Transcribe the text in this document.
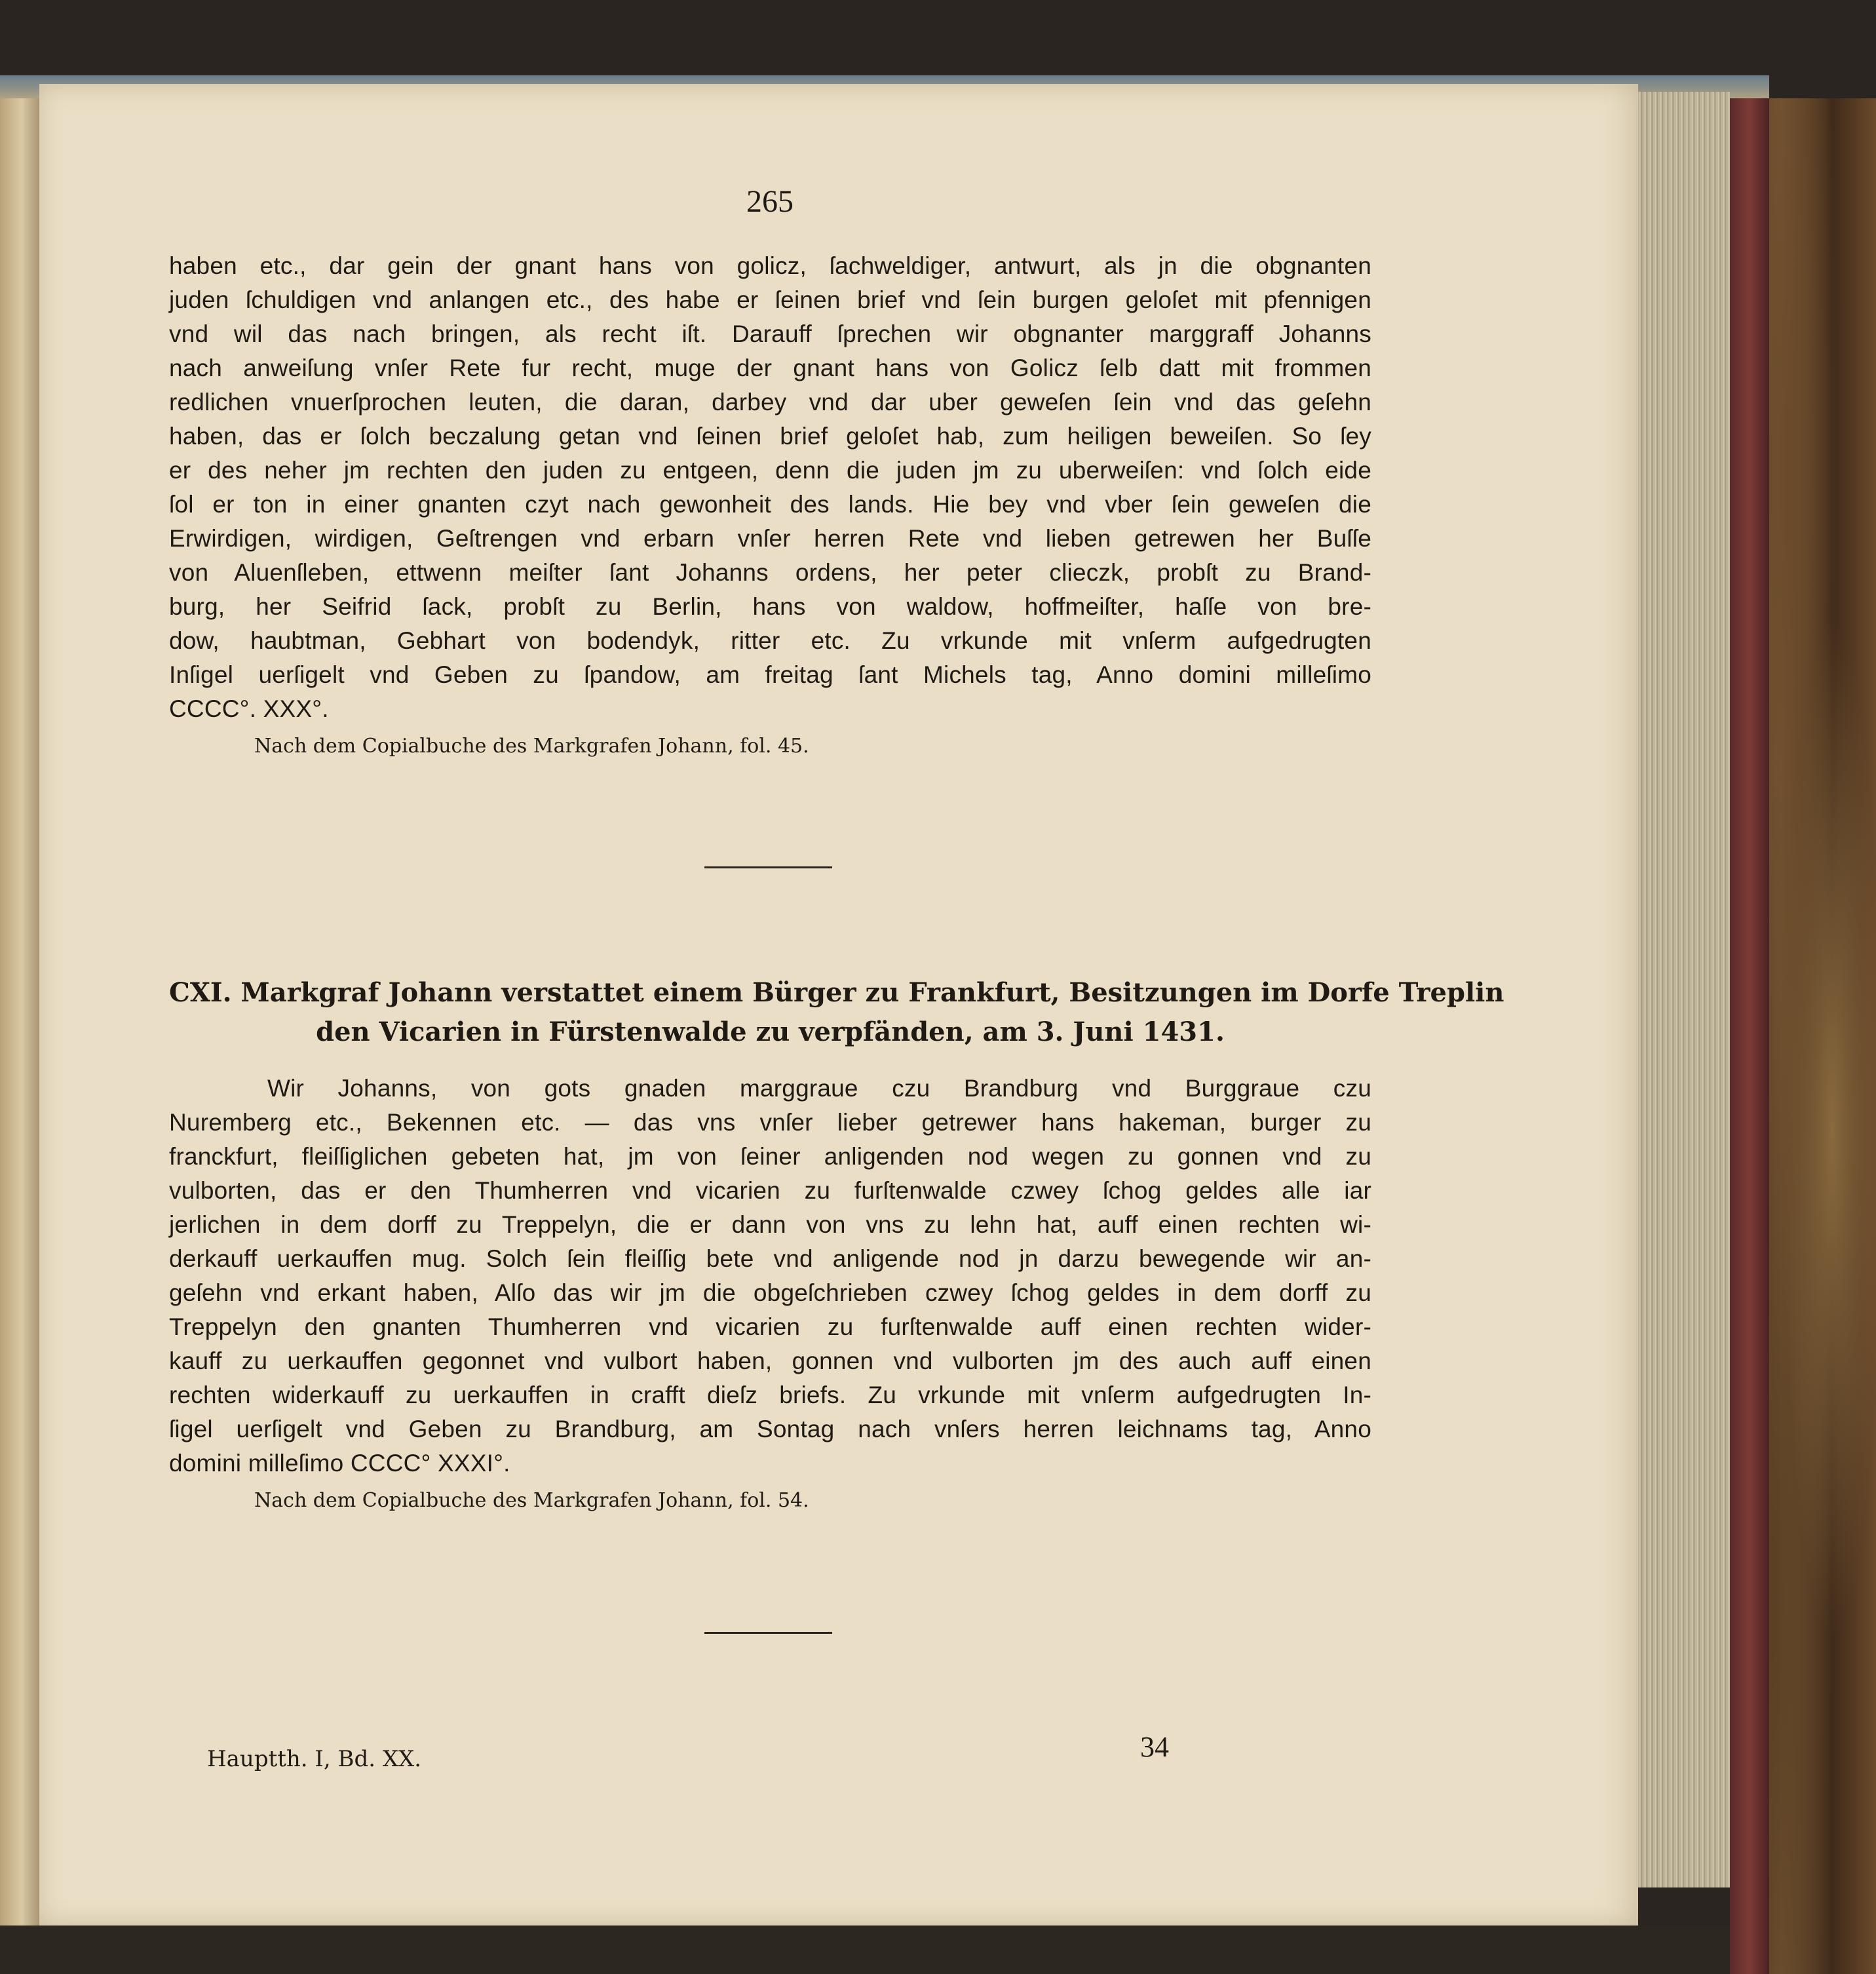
265
haben etc., dar gein der gnant hans von golicz, ſachweldiger, antwurt, als jn die obgnanten
juden ſchuldigen vnd anlangen etc., des habe er ſeinen brief vnd ſein burgen geloſet mit pfennigen
vnd wil das nach bringen, als recht iſt. Darauff ſprechen wir obgnanter marggraff Johanns
nach anweiſung vnſer Rete fur recht, muge der gnant hans von Golicz ſelb datt mit frommen
redlichen vnuerſprochen leuten, die daran, darbey vnd dar uber geweſen ſein vnd das geſehn
haben, das er ſolch beczalung getan vnd ſeinen brief geloſet hab, zum heiligen beweiſen. So ſey
er des neher jm rechten den juden zu entgeen, denn die juden jm zu uberweiſen: vnd ſolch eide
ſol er ton in einer gnanten czyt nach gewonheit des lands. Hie bey vnd vber ſein geweſen die
Erwirdigen, wirdigen, Geſtrengen vnd erbarn vnſer herren Rete vnd lieben getrewen her Buſſe
von Aluenſleben, ettwenn meiſter ſant Johanns ordens, her peter clieczk, probſt zu Brand-
burg, her Seifrid ſack, probſt zu Berlin, hans von waldow, hoffmeiſter, haſſe von bre-
dow, haubtman, Gebhart von bodendyk, ritter etc. Zu vrkunde mit vnſerm aufgedrugten
Inſigel uerſigelt vnd Geben zu ſpandow, am freitag ſant Michels tag, Anno domini milleſimo
CCCC°. XXX°.
Nach dem Copialbuche des Markgrafen Johann, fol. 45.
CXI. Markgraf Johann verstattet einem Bürger zu Frankfurt, Besitzungen im Dorfe Treplin
den Vicarien in Fürstenwalde zu verpfänden, am 3. Juni 1431.
Wir Johanns, von gots gnaden marggraue czu Brandburg vnd Burggraue czu
Nuremberg etc., Bekennen etc. — das vns vnſer lieber getrewer hans hakeman, burger zu
franckfurt, fleiſſiglichen gebeten hat, jm von ſeiner anligenden nod wegen zu gonnen vnd zu
vulborten, das er den Thumherren vnd vicarien zu furſtenwalde czwey ſchog geldes alle iar
jerlichen in dem dorff zu Treppelyn, die er dann von vns zu lehn hat, auff einen rechten wi-
derkauff uerkauffen mug. Solch ſein fleiſſig bete vnd anligende nod jn darzu bewegende wir an-
geſehn vnd erkant haben, Alſo das wir jm die obgeſchrieben czwey ſchog geldes in dem dorff zu
Treppelyn den gnanten Thumherren vnd vicarien zu furſtenwalde auff einen rechten wider-
kauff zu uerkauffen gegonnet vnd vulbort haben, gonnen vnd vulborten jm des auch auff einen
rechten widerkauff zu uerkauffen in crafft dieſz briefs. Zu vrkunde mit vnſerm aufgedrugten In-
ſigel uerſigelt vnd Geben zu Brandburg, am Sontag nach vnſers herren leichnams tag, Anno
domini milleſimo CCCC° XXXI°.
Nach dem Copialbuche des Markgrafen Johann, fol. 54.
Hauptth. I, Bd. XX.	34
